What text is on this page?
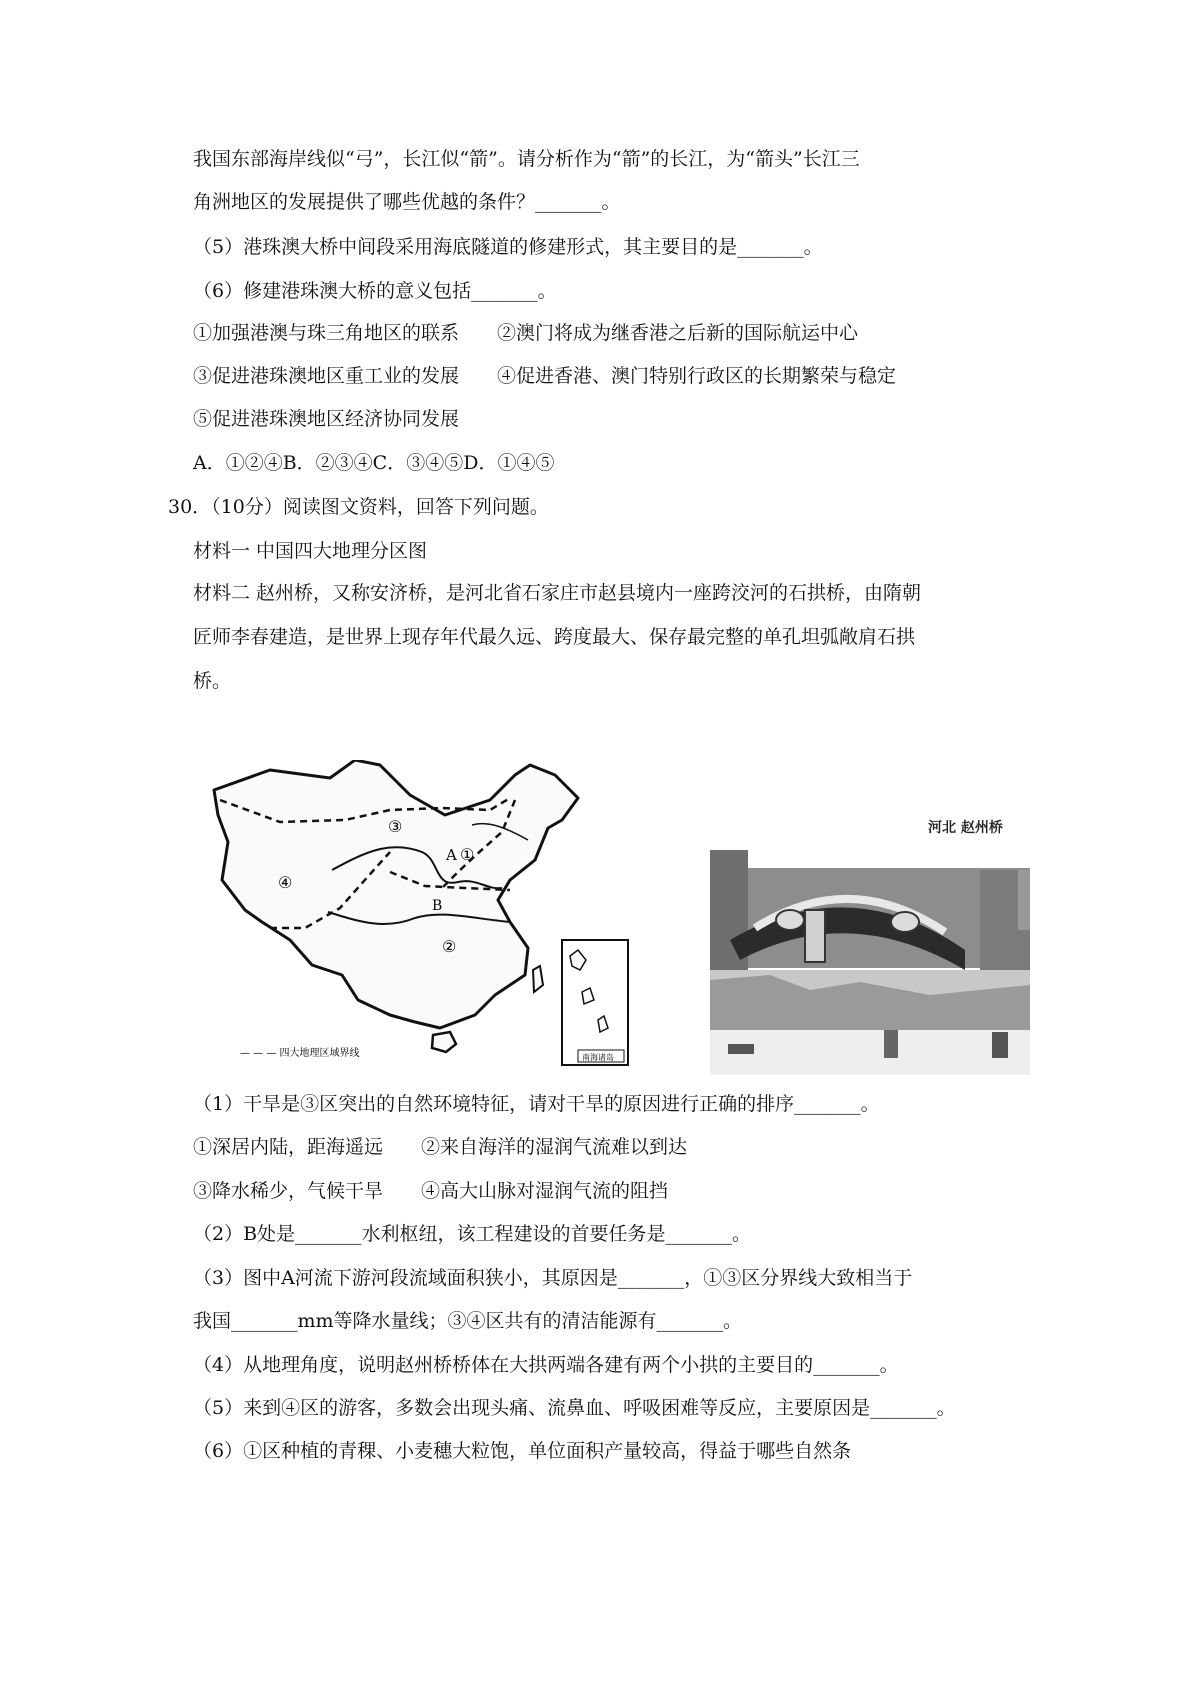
我国东部海岸线似“弓”，长江似“箭”。请分析作为“箭”的长江，为“箭头”长江三
角洲地区的发展提供了哪些优越的条件？_______。
（5）港珠澳大桥中间段采用海底隧道的修建形式，其主要目的是_______。
（6）修建港珠澳大桥的意义包括_______。
①加强港澳与珠三角地区的联系　　②澳门将成为继香港之后新的国际航运中心
③促进港珠澳地区重工业的发展　　④促进香港、澳门特别行政区的长期繁荣与稳定
⑤促进港珠澳地区经济协同发展
A．①②④B．②③④C．③④⑤D．①④⑤
30．（10分）阅读图文资料，回答下列问题。
材料一 中国四大地理分区图
材料二 赵州桥，又称安济桥，是河北省石家庄市赵县境内一座跨洨河的石拱桥，由隋朝
匠师李春建造，是世界上现存年代最久远、跨度最大、保存最完整的单孔坦弧敞肩石拱
桥。
A ①
③
④
B
②
南海诸岛
— — — 四大地理区域界线
河北 赵州桥
（1）干旱是③区突出的自然环境特征，请对干旱的原因进行正确的排序_______。
①深居内陆，距海遥远　　②来自海洋的湿润气流难以到达
③降水稀少，气候干旱　　④高大山脉对湿润气流的阻挡
（2）B处是_______水利枢纽，该工程建设的首要任务是_______。
（3）图中A河流下游河段流域面积狭小，其原因是_______，①③区分界线大致相当于
我国_______mm等降水量线；③④区共有的清洁能源有_______。
（4）从地理角度，说明赵州桥桥体在大拱两端各建有两个小拱的主要目的_______。
（5）来到④区的游客，多数会出现头痛、流鼻血、呼吸困难等反应，主要原因是_______。
（6）①区种植的青稞、小麦穗大粒饱，单位面积产量较高，得益于哪些自然条
